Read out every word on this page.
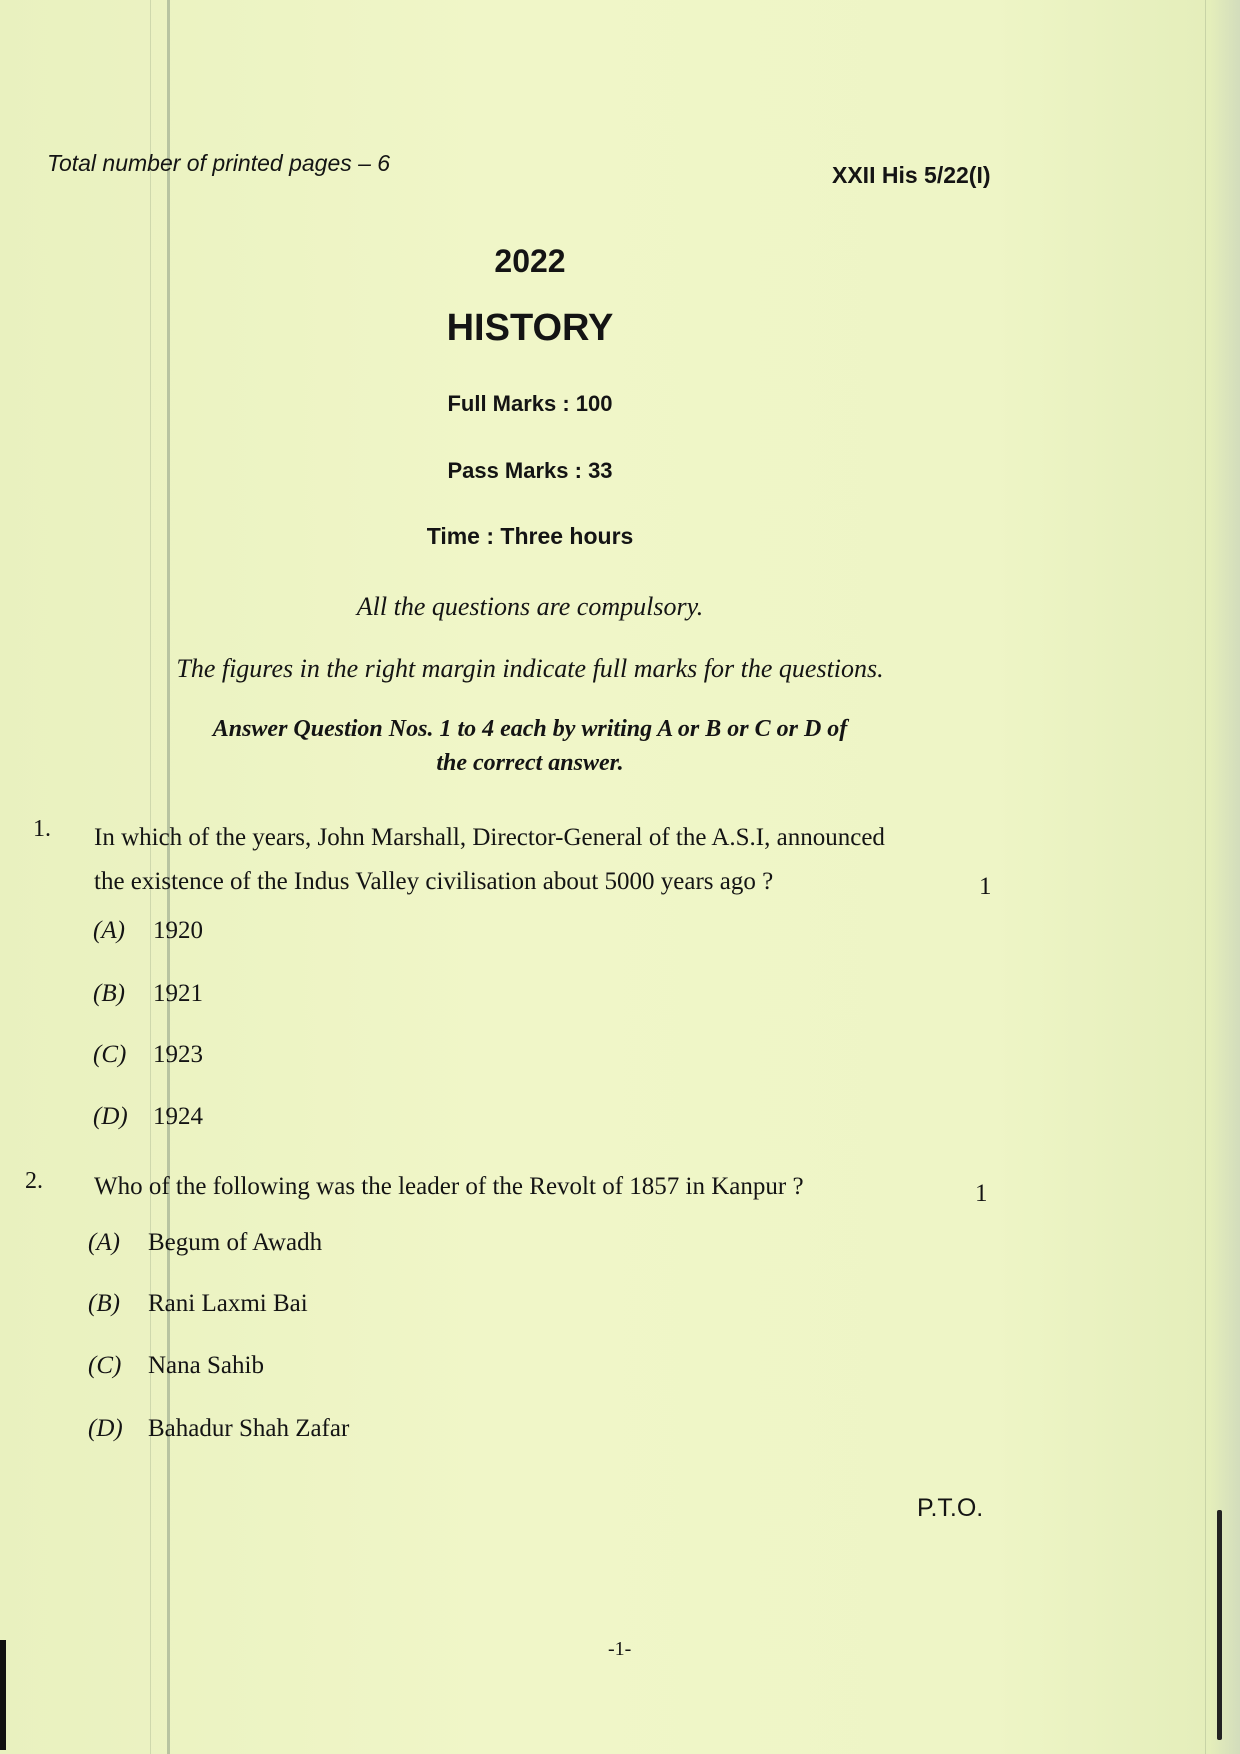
Total number of printed pages – 6	XXII His 5/22(I)
2022
HISTORY
Full Marks : 100
Pass Marks : 33
Time : Three hours
All the questions are compulsory.
The figures in the right margin indicate full marks for the questions.
Answer Question Nos. 1 to 4 each by writing A or B or C or D of
the correct answer.
1. In which of the years, John Marshall, Director-General of the A.S.I, announced
the existence of the Indus Valley civilisation about 5000 years ago ?	1
(A) 1920
(B) 1921
(C) 1923
(D) 1924
2. Who of the following was the leader of the Revolt of 1857 in Kanpur ?	1
(A) Begum of Awadh
(B) Rani Laxmi Bai
(C) Nana Sahib
(D) Bahadur Shah Zafar
P.T.O.
-1-
